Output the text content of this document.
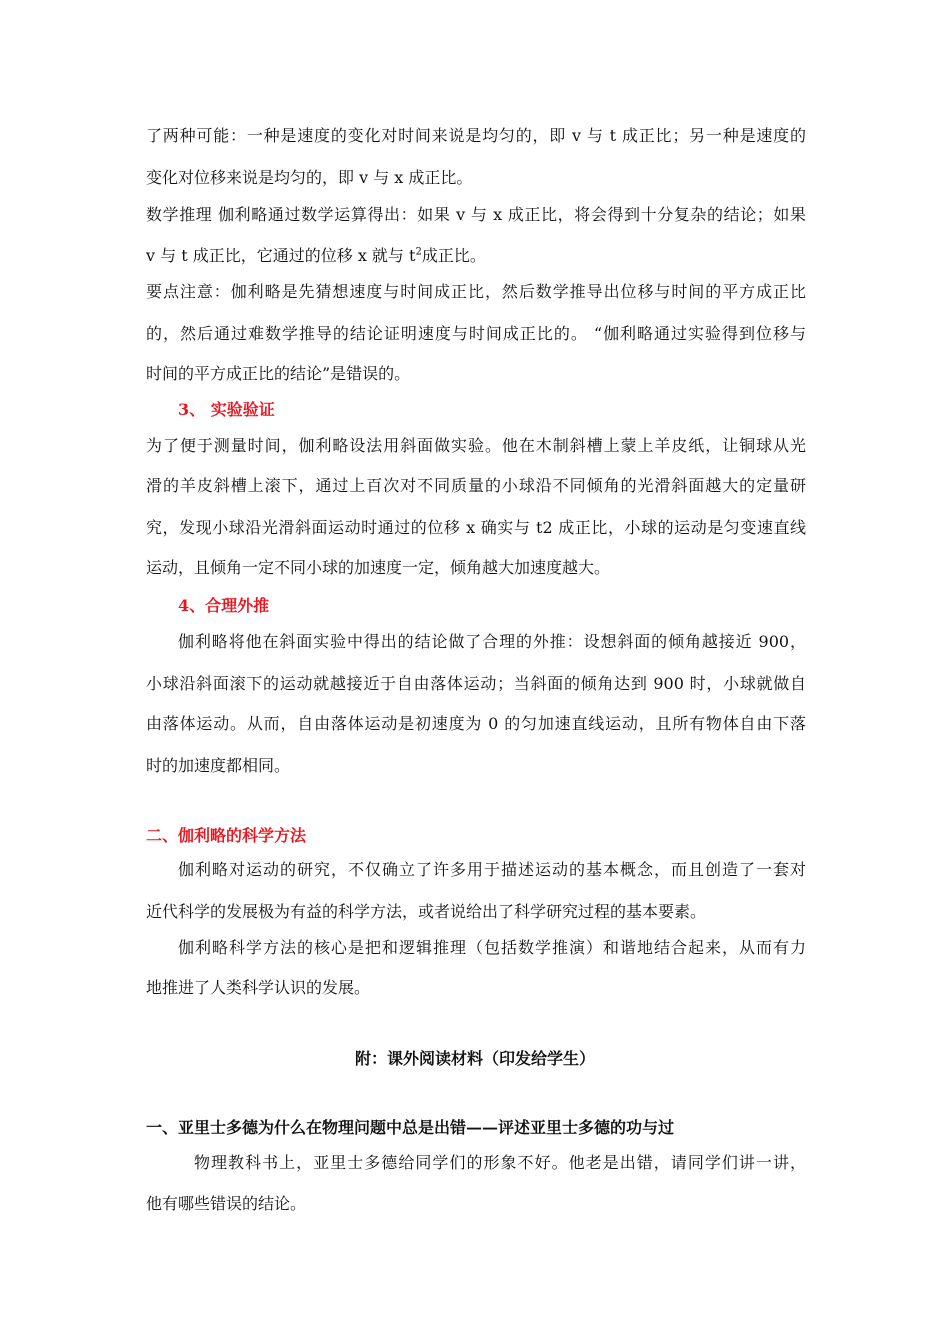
了两种可能：一种是速度的变化对时间来说是均匀的，即 v 与 t 成正比；另一种是速度的
变化对位移来说是均匀的，即 v 与 x 成正比。
数学推理 伽利略通过数学运算得出：如果 v 与 x 成正比，将会得到十分复杂的结论；如果
v 与 t 成正比，它通过的位移 x 就与 $t^2$成正比。
要点注意：伽利略是先猜想速度与时间成正比，然后数学推导出位移与时间的平方成正比
的，然后通过难数学推导的结论证明速度与时间成正比的。 “伽利略通过实验得到位移与
时间的平方成正比的结论”是错误的。
3、 实验验证
为了便于测量时间，伽利略设法用斜面做实验。他在木制斜槽上蒙上羊皮纸，让铜球从光
滑的羊皮斜槽上滚下，通过上百次对不同质量的小球沿不同倾角的光滑斜面越大的定量研
究，发现小球沿光滑斜面运动时通过的位移 x 确实与 t2 成正比，小球的运动是匀变速直线
运动，且倾角一定不同小球的加速度一定，倾角越大加速度越大。
4、合理外推
伽利略将他在斜面实验中得出的结论做了合理的外推：设想斜面的倾角越接近 900，
小球沿斜面滚下的运动就越接近于自由落体运动；当斜面的倾角达到 900 时，小球就做自
由落体运动。从而，自由落体运动是初速度为 0 的匀加速直线运动，且所有物体自由下落
时的加速度都相同。
二、伽利略的科学方法
伽利略对运动的研究，不仅确立了许多用于描述运动的基本概念，而且创造了一套对
近代科学的发展极为有益的科学方法，或者说给出了科学研究过程的基本要素。
伽利略科学方法的核心是把和逻辑推理（包括数学推演）和谐地结合起来，从而有力
地推进了人类科学认识的发展。
附：课外阅读材料（印发给学生）
一、亚里士多德为什么在物理问题中总是出错——评述亚里士多德的功与过
物理教科书上，亚里士多德给同学们的形象不好。他老是出错，请同学们讲一讲，
他有哪些错误的结论。
